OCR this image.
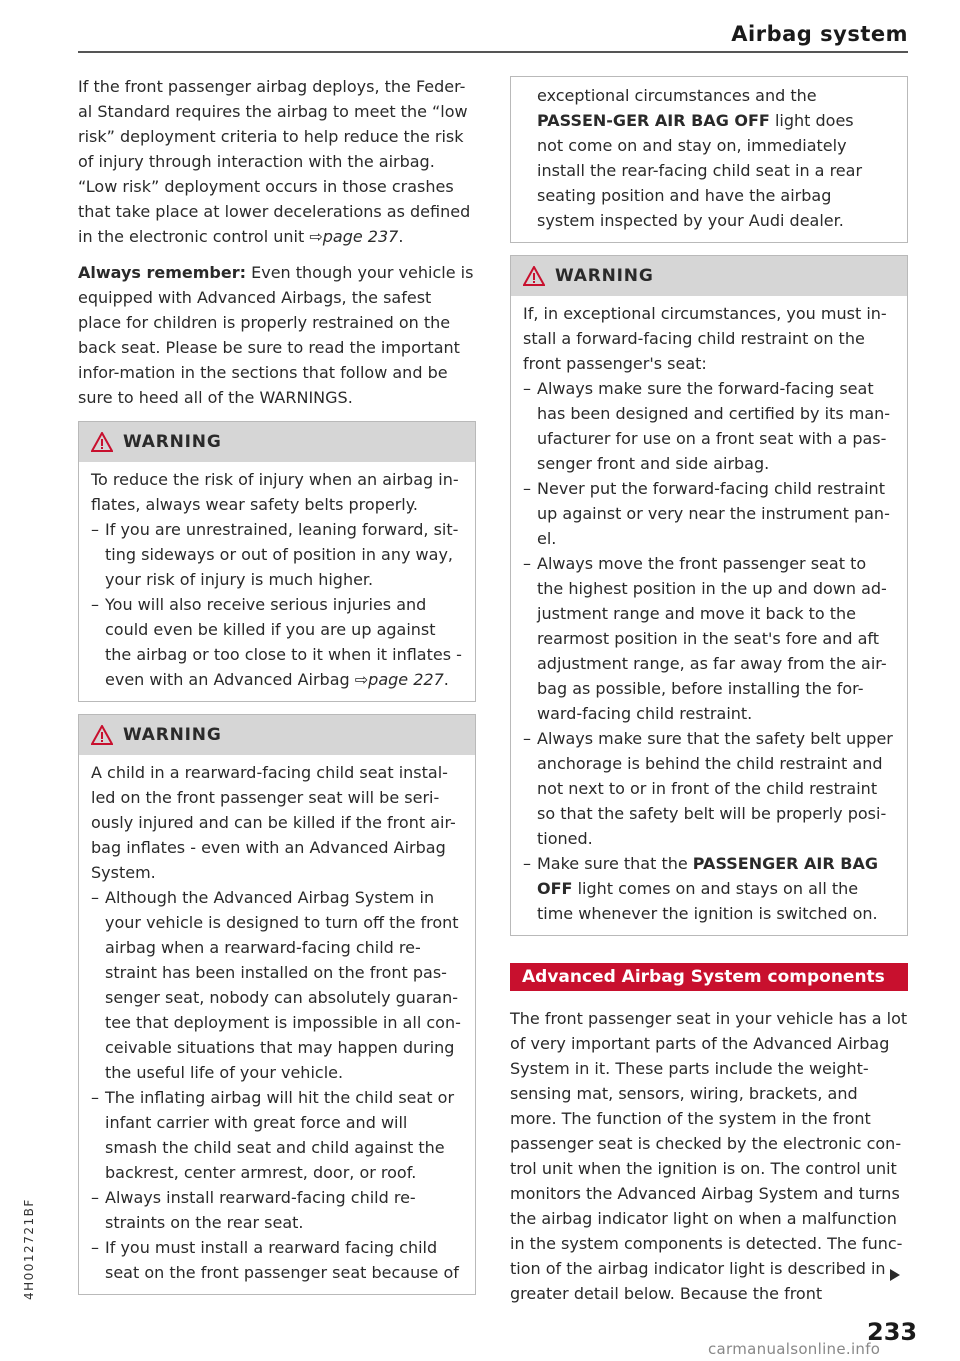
Airbag system

If the front passenger airbag deploys, the Feder-al Standard requires the airbag to meet the “low risk” deployment criteria to help reduce the risk of injury through interaction with the airbag. “Low risk” deployment occurs in those crashes that take place at lower decelerations as defined in the electronic control unit ⇨page 237.

Always remember: Even though your vehicle is equipped with Advanced Airbags, the safest place for children is properly restrained on the back seat. Please be sure to read the important infor-mation in the sections that follow and be sure to heed all of the WARNINGS.

WARNING

To reduce the risk of injury when an airbag in-flates, always wear safety belts properly.

– If you are unrestrained, leaning forward, sit-ting sideways or out of position in any way, your risk of injury is much higher.
– You will also receive serious injuries and could even be killed if you are up against the airbag or too close to it when it inflates - even with an Advanced Airbag ⇨page 227.
WARNING

A child in a rearward-facing child seat instal-led on the front passenger seat will be seri-ously injured and can be killed if the front air-bag inflates - even with an Advanced Airbag System.

– Although the Advanced Airbag System in your vehicle is designed to turn off the front airbag when a rearward-facing child re-straint has been installed on the front pas-senger seat, nobody can absolutely guaran-tee that deployment is impossible in all con-ceivable situations that may happen during the useful life of your vehicle.
– The inflating airbag will hit the child seat or infant carrier with great force and will smash the child seat and child against the backrest, center armrest, door, or roof.
– Always install rearward-facing child re-straints on the rear seat.
– If you must install a rearward facing child seat on the front passenger seat because of

exceptional circumstances and the PASSEN-GER AIR BAG OFF light does not come on and stay on, immediately install the rear-facing child seat in a rear seating position and have the airbag system inspected by your Audi dealer.

WARNING

If, in exceptional circumstances, you must in-stall a forward-facing child restraint on the front passenger's seat:

– Always make sure the forward-facing seat has been designed and certified by its man-ufacturer for use on a front seat with a pas-senger front and side airbag.
– Never put the forward-facing child restraint up against or very near the instrument pan-el.
– Always move the front passenger seat to the highest position in the up and down ad-justment range and move it back to the rearmost position in the seat's fore and aft adjustment range, as far away from the air-bag as possible, before installing the for-ward-facing child restraint.
– Always make sure that the safety belt upper anchorage is behind the child restraint and not next to or in front of the child restraint so that the safety belt will be properly posi-tioned.
– Make sure that the PASSENGER AIR BAG OFF light comes on and stays on all the time whenever the ignition is switched on.
Advanced Airbag System components

The front passenger seat in your vehicle has a lot of very important parts of the Advanced Airbag System in it. These parts include the weight-sensing mat, sensors, wiring, brackets, and more. The function of the system in the front passenger seat is checked by the electronic con-trol unit when the ignition is on. The control unit monitors the Advanced Airbag System and turns the airbag indicator light on when a malfunction in the system components is detected. The func-tion of the airbag indicator light is described in greater detail below. Because the front

4H0012721BF
233
carmanualsonline.info
